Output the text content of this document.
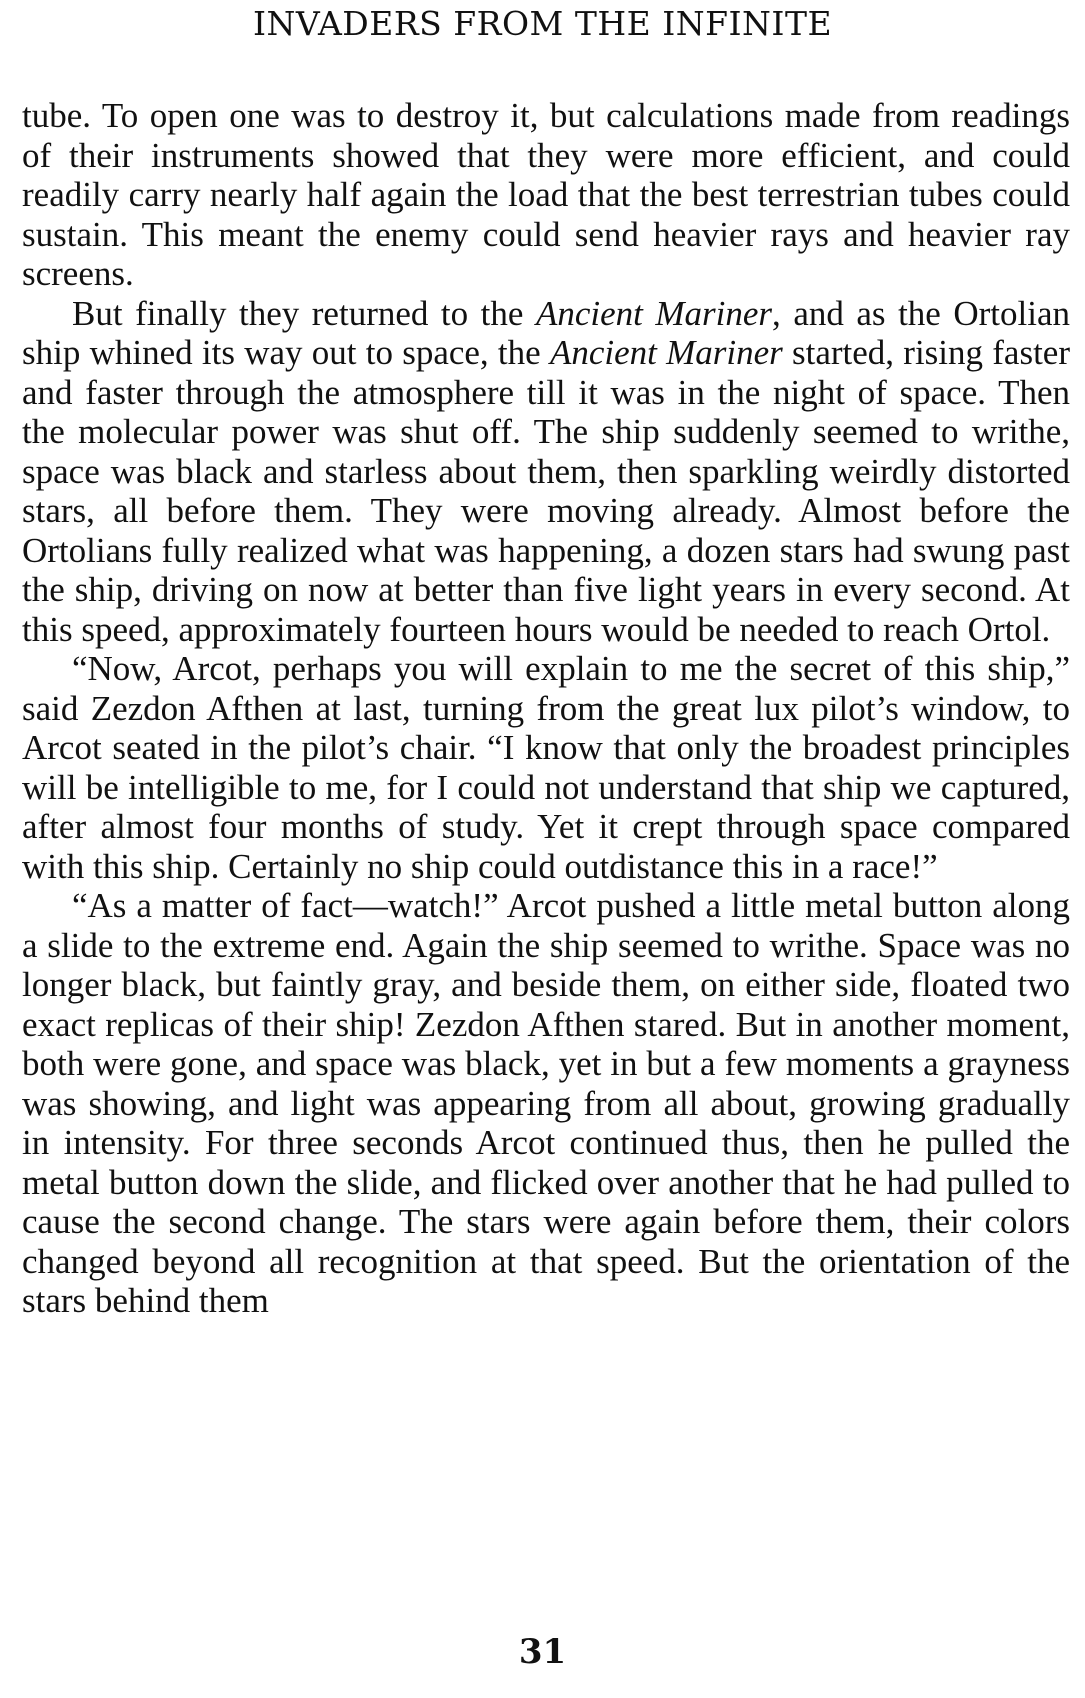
INVADERS FROM THE INFINITE

tube. To open one was to destroy it, but calculations made from readings of their instruments showed that they were more efficient, and could readily carry nearly half again the load that the best terrestrian tubes could sustain. This meant the enemy could send heavier rays and heavier ray screens.

But finally they returned to the Ancient Mariner, and as the Ortolian ship whined its way out to space, the Ancient Mariner started, rising faster and faster through the atmosphere till it was in the night of space. Then the molecular power was shut off. The ship suddenly seemed to writhe, space was black and starless about them, then sparkling weirdly distorted stars, all before them. They were moving already. Almost before the Ortolians fully realized what was happening, a dozen stars had swung past the ship, driving on now at better than five light years in every second. At this speed, approximately fourteen hours would be needed to reach Ortol.

“Now, Arcot, perhaps you will explain to me the secret of this ship,” said Zezdon Afthen at last, turning from the great lux pilot’s window, to Arcot seated in the pilot’s chair. “I know that only the broadest principles will be intelligible to me, for I could not understand that ship we captured, after almost four months of study. Yet it crept through space compared with this ship. Certainly no ship could outdistance this in a race!”

“As a matter of fact—watch!” Arcot pushed a little metal button along a slide to the extreme end. Again the ship seemed to writhe. Space was no longer black, but faintly gray, and beside them, on either side, floated two exact replicas of their ship! Zezdon Afthen stared. But in another moment, both were gone, and space was black, yet in but a few moments a grayness was showing, and light was appearing from all about, growing gradually in intensity. For three seconds Arcot continued thus, then he pulled the metal button down the slide, and flicked over another that he had pulled to cause the second change. The stars were again before them, their colors changed beyond all recognition at that speed. But the orientation of the stars behind them

31
